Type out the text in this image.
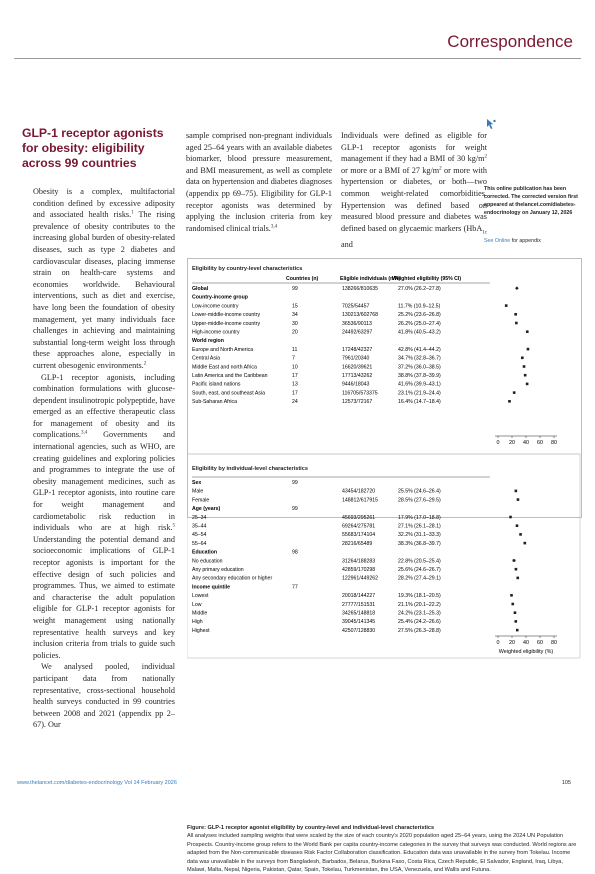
Correspondence
GLP-1 receptor agonists for obesity: eligibility across 99 countries

Obesity is a complex, multifactorial condition defined by excessive adiposity and associated health risks.$^1$ The rising prevalence of obesity contributes to the increasing global burden of obesity-related diseases, such as type 2 diabetes and cardiovascular diseases, placing immense strain on health-care systems and economies worldwide. Behavioural interventions, such as diet and exercise, have long been the foundation of obesity management, yet many individuals face challenges in achieving and maintaining substantial long-term weight loss through these approaches alone, especially in current obesogenic environments.$^2$

GLP-1 receptor agonists, including combination formulations with glucose-dependent insulinotropic polypeptide, have emerged as an effective therapeutic class for management of obesity and its complications.$^{3,4}$ Governments and international agencies, such as WHO, are creating guidelines and exploring policies and programmes to integrate the use of obesity management medicines, such as GLP-1 receptor agonists, into routine care for weight management and cardiometabolic risk reduction in individuals who are at high risk.$^5$ Understanding the potential demand and socioeconomic implications of GLP-1 receptor agonists is important for the effective design of such policies and programmes. Thus, we aimed to estimate and characterise the adult population eligible for GLP-1 receptor agonists for weight management using nationally representative health surveys and key inclusion criteria from trials to guide such policies.

We analysed pooled, individual participant data from nationally representative, cross-sectional household health surveys conducted in 99 countries between 2008 and 2021 (appendix pp 2–67). Our

sample comprised non-pregnant individuals aged 25–64 years with an available diabetes biomarker, blood pressure measurement, and BMI measurement, as well as complete data on hypertension and diabetes diagnoses (appendix pp 69–75). Eligibility for GLP-1 receptor agonists was determined by applying the inclusion criteria from key randomised clinical trials.$^{3,4}$

Individuals were defined as eligible for GLP-1 receptor agonists for weight management if they had a BMI of 30 $kg/m^2$ or more or a BMI of 27 $kg/m^2$ or more with hypertension or diabetes, or both—two common weight-related comorbidities. Hypertension was defined based on measured blood pressure and diabetes was defined based on glycaemic markers (HbA$_{1c}$ and

This online publication has been corrected. The corrected version first appeared at thelancet.com/diabetes-endocrinology on January 12, 2026
See Online for appendix
Eligibility by country-level characteristics
Countries (n)	Eligible individuals (n/N)
Weighted eligibility (95% CI)
Global	99	138266/810635	27.0% (26.2–27.8)
Country-income group
Low-income country	15	7025/54457	11.7% (10.9–12.5)
Lower-middle-income country	34	130213/602768	25.2% (23.6–26.8)
Upper-middle-income country	30	36536/90113	26.2% (25.0–27.4)
High-income country	20	24492/63297	41.8% (40.5–43.2)
World region
Europe and North America	11	17248/42327	42.8% (41.4–44.2)
Central Asia	7	7961/20340	34.7% (32.8–36.7)
Middle East and north Africa	10	16620/39621	37.2% (36.0–38.5)
Latin America and the Caribbean	17	17713/43262	38.8% (37.8–39.9)
Pacific island nations	13	9446/18043	41.6% (39.9–43.1)
South, east, and southeast Asia	17	116705/573375	23.1% (21.9–24.4)
Sub-Saharan Africa	24	12573/72167	16.4% (14.7–18.4)
0 20 40 60 80
Eligibility by individual-level characteristics
Sex	99
Male	43454/182720	25.5% (24.6–26.4)
Female	148812/617915	28.5% (27.6–29.5)
Age (years)	99
25–34	45693/295261	17.9% (17.0–18.8)
35–44	69264/275781	27.1% (26.1–28.1)
45–54	55683/174104	32.2% (31.1–33.3)
55–64	28216/65489	38.3% (36.8–39.7)
Education	98
No education	31264/188283	22.8% (20.5–25.4)
Any primary education	42859/170298	25.6% (24.6–26.7)
Any secondary education or higher	122961/449262	28.2% (27.4–29.1)
Income quintile	77
Lowest	20018/144227	19.3% (18.1–20.5)
Low	27777/151531	21.1% (20.1–22.2)
Middle	34265/148818	24.2% (23.1–25.3)
High	39045/141345	25.4% (24.2–26.6)
Highest	42507/128830	27.5% (26.3–28.8)
0 20 40 60 80
Weighted eligibility (%)
Figure: GLP-1 receptor agonist eligibility by country-level and individual-level characteristics
All analyses included sampling weights that were scaled by the size of each country's 2020 population aged 25–64 years, using the 2024 UN Population Prospects. Country-income group refers to the World Bank per capita country-income categories in the survey that surveys was conducted. World regions are adapted from the Non-communicable diseases Risk Factor Collaboration classification. Education data was unavailable in the survey from Tokelau. Income data was unavailable in the surveys from Bangladesh, Barbados, Belarus, Burkina Faso, Costa Rica, Czech Republic, El Salvador, England, Iraq, Libya, Malawi, Malta, Nepal, Nigeria, Pakistan, Qatar, Spain, Tokelau, Turkmenistan, the USA, Venezuela, and Wallis and Futuna.
www.thelancet.com/diabetes-endocrinology Vol 14 February 2026	105
